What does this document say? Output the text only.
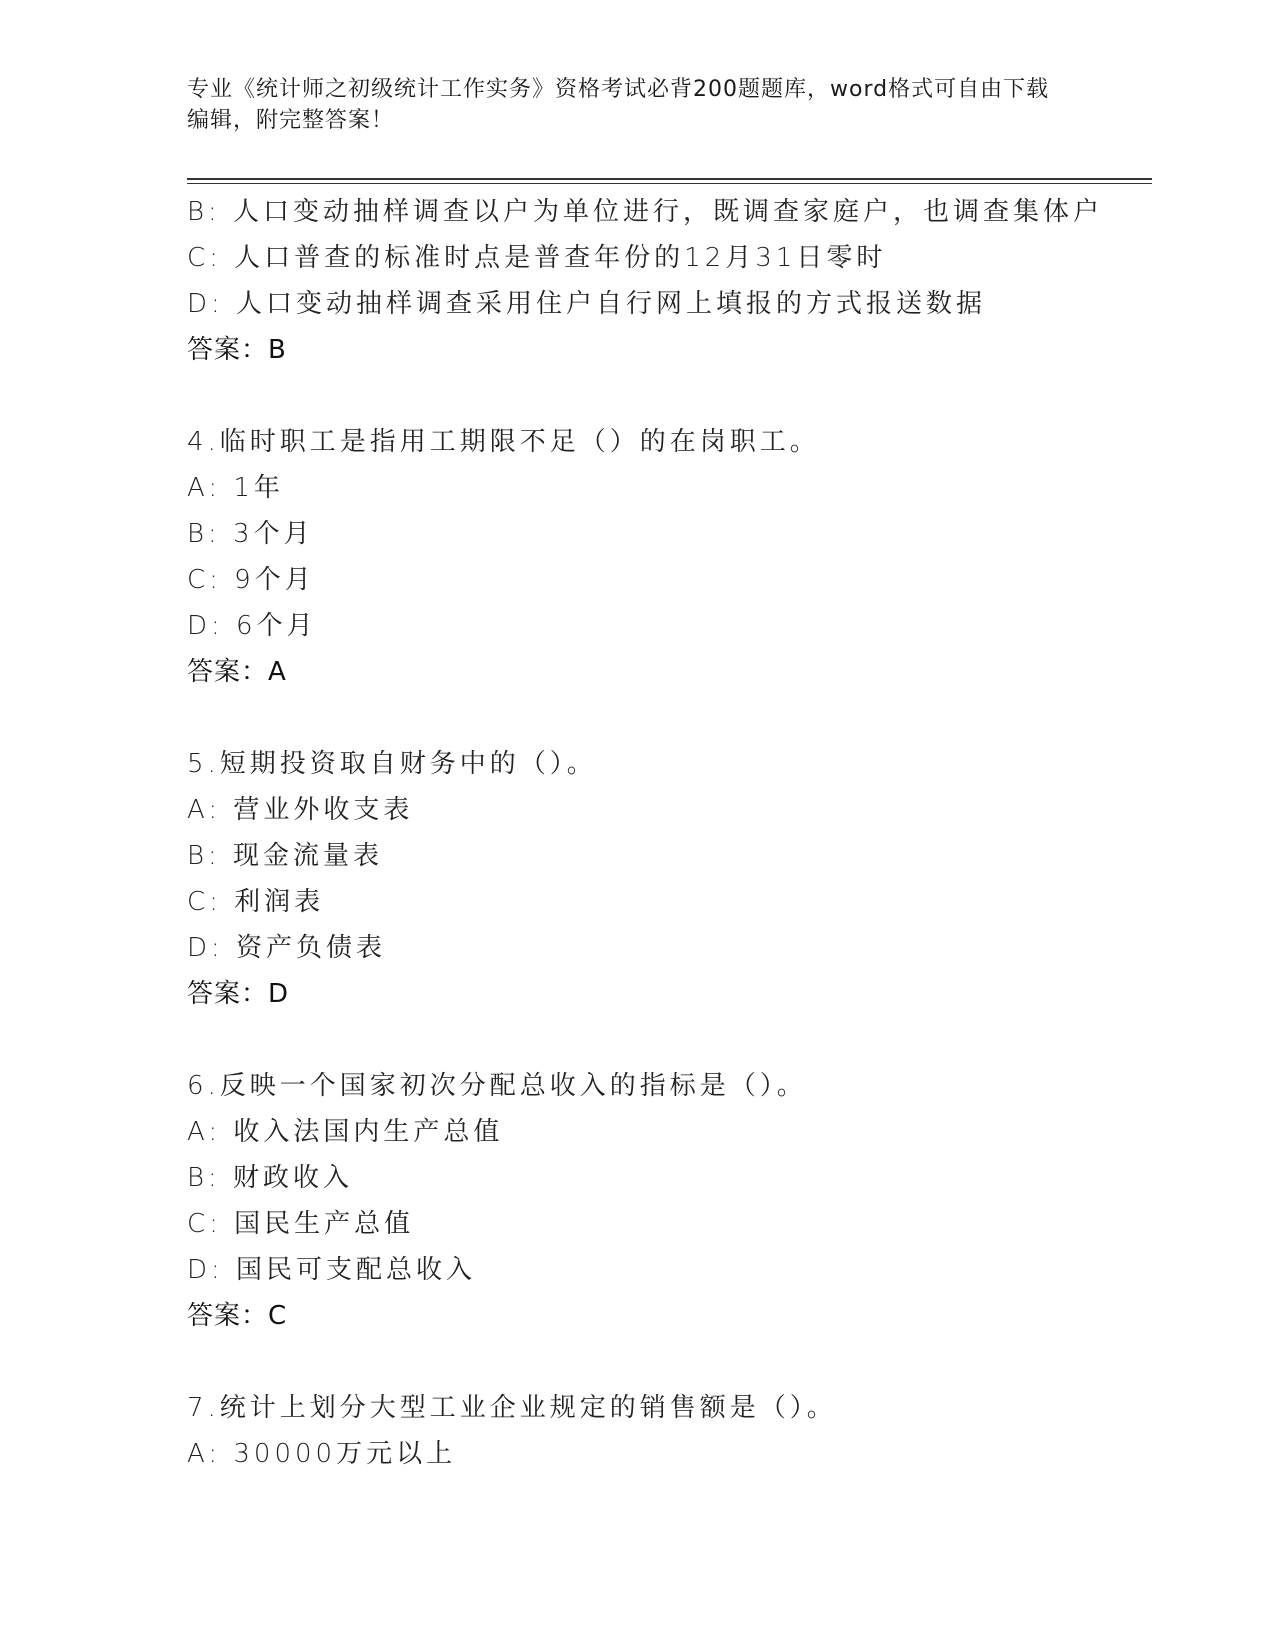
专业《统计师之初级统计工作实务》资格考试必背200题题库，word格式可自由下载编辑，附完整答案！
B: 人口变动抽样调查以户为单位进行，既调查家庭户，也调查集体户
C: 人口普查的标准时点是普查年份的12月31日零时
D: 人口变动抽样调查采用住户自行网上填报的方式报送数据
答案：B
4.临时职工是指用工期限不足（）的在岗职工。
A: 1年
B: 3个月
C: 9个月
D: 6个月
答案：A
5.短期投资取自财务中的（）。
A: 营业外收支表
B: 现金流量表
C: 利润表
D: 资产负债表
答案：D
6.反映一个国家初次分配总收入的指标是（）。
A: 收入法国内生产总值
B: 财政收入
C: 国民生产总值
D: 国民可支配总收入
答案：C
7.统计上划分大型工业企业规定的销售额是（）。
A: 30000万元以上
